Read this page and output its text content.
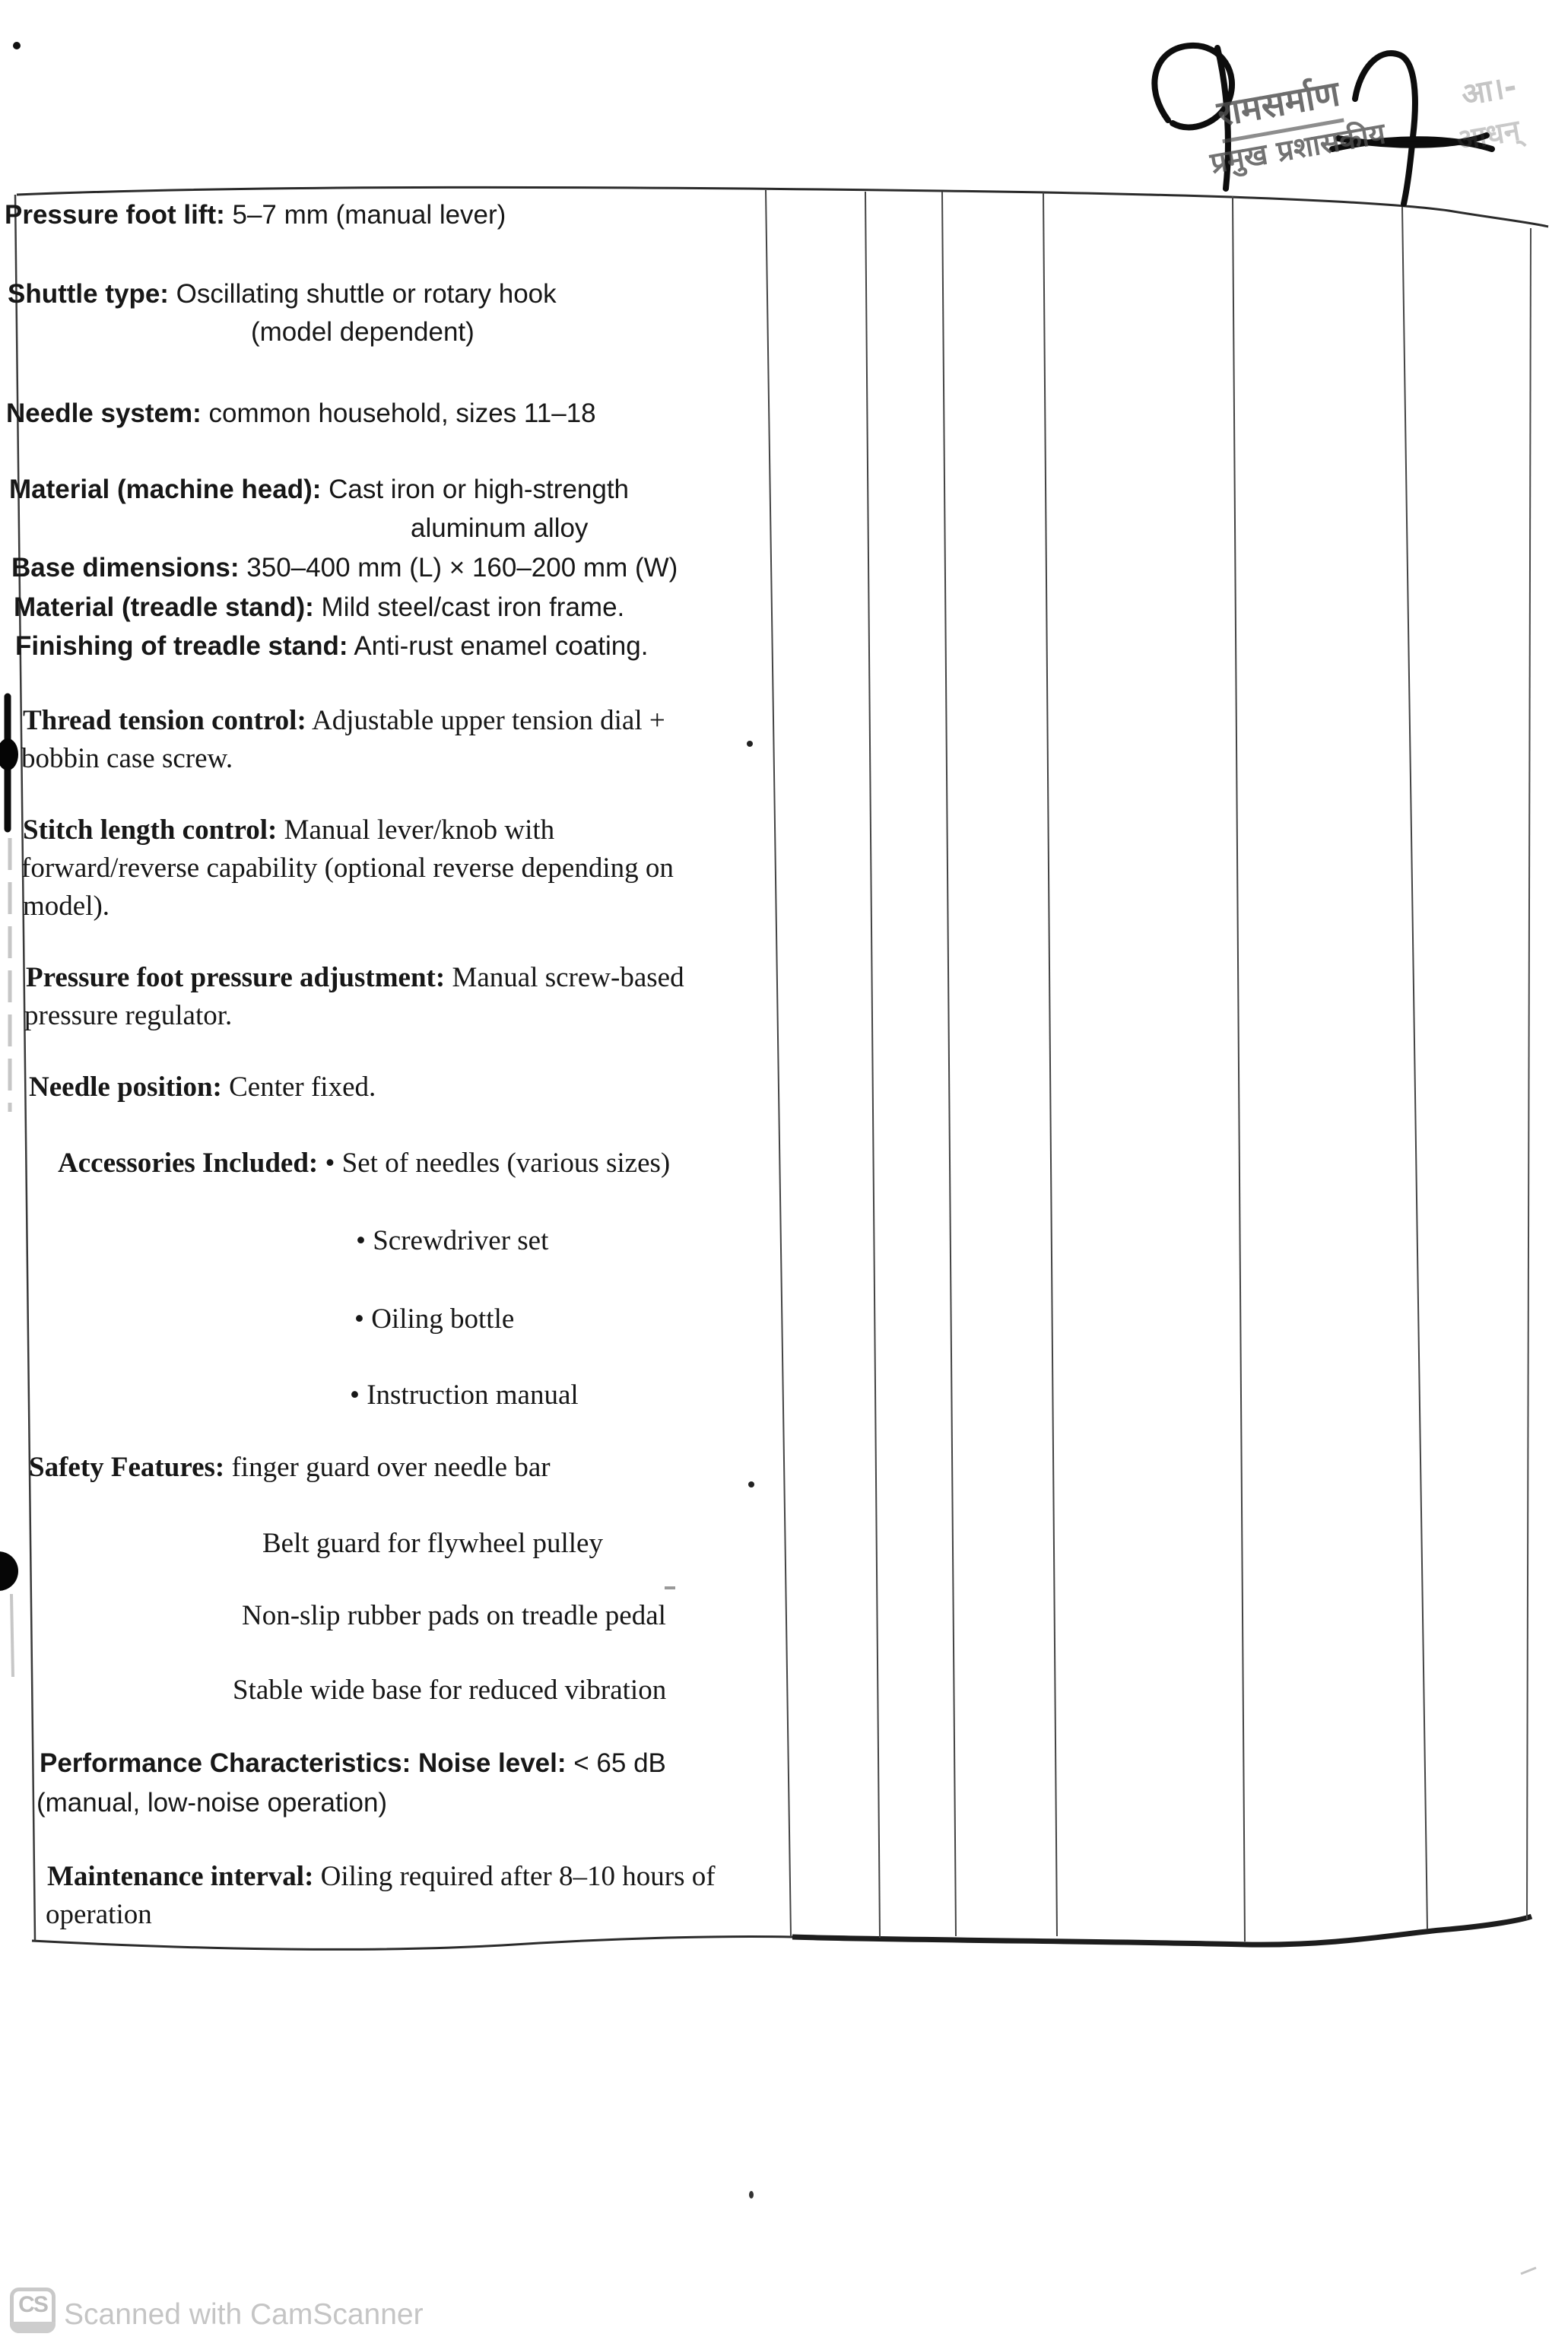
रामसर्माण	आ।-
प्रमुख प्रशासकीय आधन्
Pressure foot lift: 5–7 mm (manual lever)
Shuttle type: Oscillating shuttle or rotary hook
(model dependent)
Needle system: common household, sizes 11–18
Material (machine head): Cast iron or high-strength
aluminum alloy
Base dimensions: 350–400 mm (L) × 160–200 mm (W)
Material (treadle stand): Mild steel/cast iron frame.
Finishing of treadle stand: Anti-rust enamel coating.
Thread tension control: Adjustable upper tension dial +
bobbin case screw.
Stitch length control: Manual lever/knob with
forward/reverse capability (optional reverse depending on
model).
Pressure foot pressure adjustment: Manual screw-based
pressure regulator.
Needle position: Center fixed.
Accessories Included: • Set of needles (various sizes)
• Screwdriver set
• Oiling bottle
• Instruction manual
Safety Features: finger guard over needle bar
Belt guard for flywheel pulley
Non-slip rubber pads on treadle pedal
Stable wide base for reduced vibration
Performance Characteristics: Noise level: < 65 dB
(manual, low-noise operation)
Maintenance interval: Oiling required after 8–10 hours of
operation
CS Scanned with CamScanner
